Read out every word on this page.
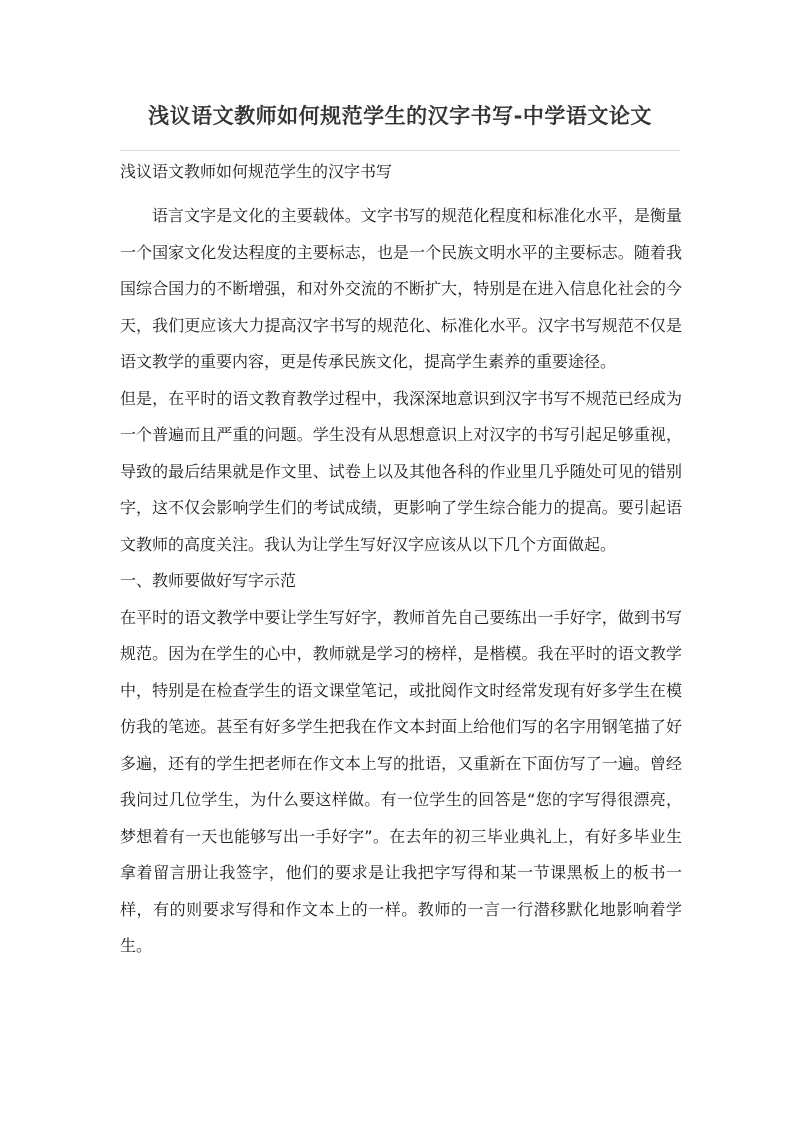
浅议语文教师如何规范学生的汉字书写-中学语文论文

浅议语文教师如何规范学生的汉字书写

语言文字是文化的主要载体。文字书写的规范化程度和标准化水平，是衡量一个国家文化发达程度的主要标志，也是一个民族文明水平的主要标志。随着我国综合国力的不断增强，和对外交流的不断扩大，特别是在进入信息化社会的今天，我们更应该大力提高汉字书写的规范化、标准化水平。汉字书写规范不仅是语文教学的重要内容，更是传承民族文化，提高学生素养的重要途径。

但是，在平时的语文教育教学过程中，我深深地意识到汉字书写不规范已经成为一个普遍而且严重的问题。学生没有从思想意识上对汉字的书写引起足够重视，导致的最后结果就是作文里、试卷上以及其他各科的作业里几乎随处可见的错别字，这不仅会影响学生们的考试成绩，更影响了学生综合能力的提高。要引起语文教师的高度关注。我认为让学生写好汉字应该从以下几个方面做起。

一、教师要做好写字示范

在平时的语文教学中要让学生写好字，教师首先自己要练出一手好字，做到书写规范。因为在学生的心中，教师就是学习的榜样，是楷模。我在平时的语文教学中，特别是在检查学生的语文课堂笔记，或批阅作文时经常发现有好多学生在模仿我的笔迹。甚至有好多学生把我在作文本封面上给他们写的名字用钢笔描了好多遍，还有的学生把老师在作文本上写的批语，又重新在下面仿写了一遍。曾经我问过几位学生，为什么要这样做。有一位学生的回答是“您的字写得很漂亮，梦想着有一天也能够写出一手好字”。在去年的初三毕业典礼上，有好多毕业生拿着留言册让我签字，他们的要求是让我把字写得和某一节课黑板上的板书一样，有的则要求写得和作文本上的一样。教师的一言一行潜移默化地影响着学生。
